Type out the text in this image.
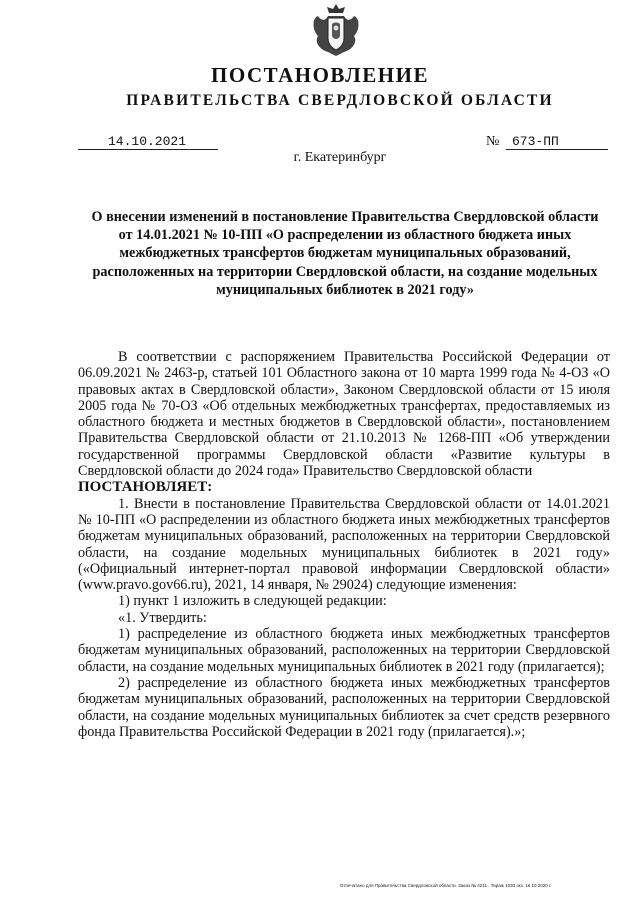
ПОСТАНОВЛЕНИЕ
ПРАВИТЕЛЬСТВА СВЕРДЛОВСКОЙ ОБЛАСТИ
14.10.2021	№ 673-ПП
г. Екатеринбург
О внесении изменений в постановление Правительства Свердловской области от 14.01.2021 № 10-ПП «О распределении из областного бюджета иных межбюджетных трансфертов бюджетам муниципальных образований, расположенных на территории Свердловской области, на создание модельных муниципальных библиотек в 2021 году»

В соответствии с распоряжением Правительства Российской Федерации от 06.09.2021 № 2463-р, статьей 101 Областного закона от 10 марта 1999 года № 4-ОЗ «О правовых актах в Свердловской области», Законом Свердловской области от 15 июля 2005 года № 70-ОЗ «Об отдельных межбюджетных трансфертах, предоставляемых из областного бюджета и местных бюджетов в Свердловской области», постановлением Правительства Свердловской области от 21.10.2013 № 1268-ПП «Об утверждении государственной программы Свердловской области «Развитие культуры в Свердловской области до 2024 года» Правительство Свердловской области

ПОСТАНОВЛЯЕТ:

1. Внести в постановление Правительства Свердловской области от 14.01.2021 № 10-ПП «О распределении из областного бюджета иных межбюджетных трансфертов бюджетам муниципальных образований, расположенных на территории Свердловской области, на создание модельных муниципальных библиотек в 2021 году» («Официальный интернет-портал правовой информации Свердловской области» (www.pravo.gov66.ru), 2021, 14 января, № 29024) следующие изменения:

1) пункт 1 изложить в следующей редакции:

«1. Утвердить:

1) распределение из областного бюджета иных межбюджетных трансфертов бюджетам муниципальных образований, расположенных на территории Свердловской области, на создание модельных муниципальных библиотек в 2021 году (прилагается);

2) распределение из областного бюджета иных межбюджетных трансфертов бюджетам муниципальных образований, расположенных на территории Свердловской области, на создание модельных муниципальных библиотек за счет средств резервного фонда Правительства Российской Федерации в 2021 году (прилагается).»;

Отпечатано для Правительства Свердловской области. Заказ № 4211 . Тираж 1030 экз. 16.10.2020 г.
